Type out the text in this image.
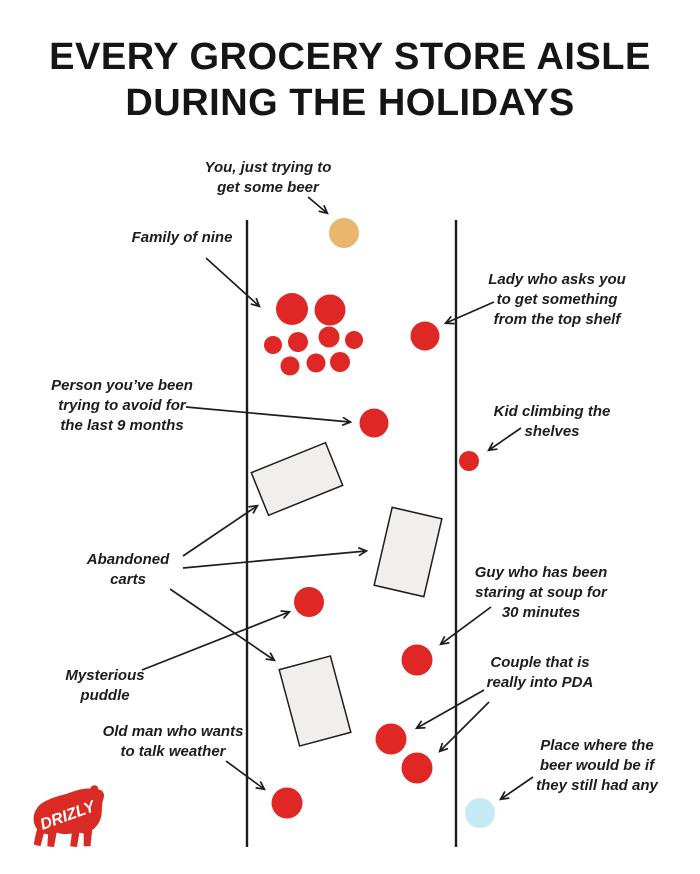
EVERY GROCERY STORE AISLE
DURING THE HOLIDAYS
You, just trying to
get some beer
Family of nine
Lady who asks you
to get something
from the top shelf
Person you’ve been
trying to avoid for
the last 9 months
Kid climbing the
shelves
Abandoned
carts	Guy who has been
staring at soup for
30 minutes
Mysterious
puddle
Couple that is
really into PDA
Old man who wants
to talk weather	Place where the
beer would be if
they still had any
DRIZLY
